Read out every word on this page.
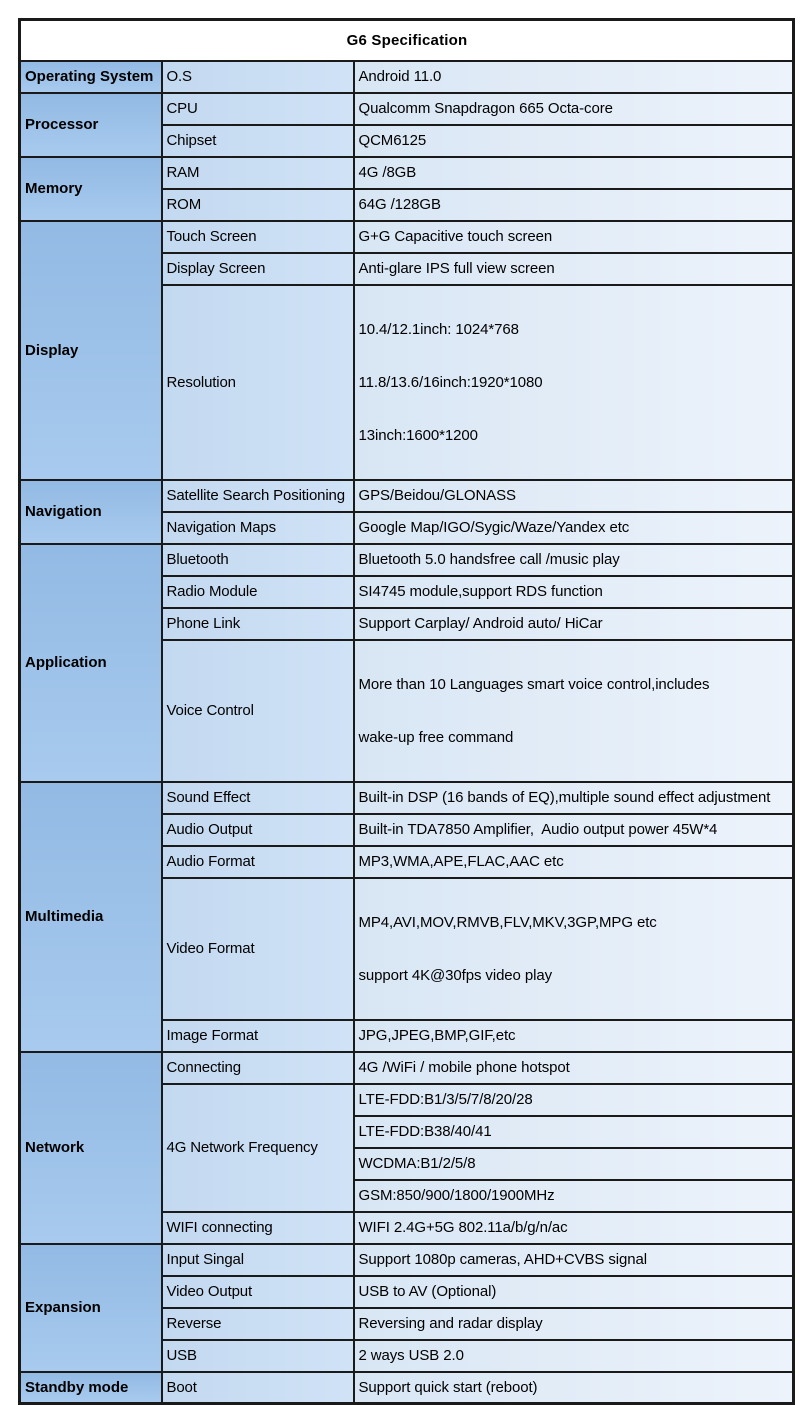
G6 Specification		
Operating System	O.S	Android 11.0
Processor	CPU	Qualcomm Snapdragon 665 Octa-core
	Chipset	QCM6125
Memory	RAM	4G /8GB
	ROM	64G /128GB
Display	Touch Screen	G+G Capacitive touch screen
	Display Screen	Anti-glare IPS full view screen
	Resolution	10.4/12.1inch: 1024*768

11.8/13.6/16inch:1920*1080

13inch:1600*1200

Navigation	Satellite Search Positioning	GPS/Beidou/GLONASS
	Navigation Maps	Google Map/IGO/Sygic/Waze/Yandex etc
Application	Bluetooth	Bluetooth 5.0 handsfree call /music play
	Radio Module	SI4745 module,support RDS function
	Phone Link	Support Carplay/ Android auto/ HiCar
	Voice Control	More than 10 Languages smart voice control,includes

wake-up free command

Multimedia	Sound Effect	Built-in DSP (16 bands of EQ),multiple sound effect adjustment
	Audio Output	Built-in TDA7850 Amplifier,  Audio output power 45W*4
	Audio Format	MP3,WMA,APE,FLAC,AAC etc
	Video Format	MP4,AVI,MOV,RMVB,FLV,MKV,3GP,MPG etc

support 4K@30fps video play

	Image Format	JPG,JPEG,BMP,GIF,etc
Network	Connecting	4G /WiFi / mobile phone hotspot
	4G Network Frequency	LTE-FDD:B1/3/5/7/8/20/28
		LTE-FDD:B38/40/41
		WCDMA:B1/2/5/8
		GSM:850/900/1800/1900MHz
	WIFI connecting	WIFI 2.4G+5G 802.11a/b/g/n/ac
Expansion	Input Singal	Support 1080p cameras, AHD+CVBS signal
	Video Output	USB to AV (Optional)
	Reverse	Reversing and radar display
	USB	2 ways USB 2.0
Standby mode	Boot	Support quick start (reboot)
